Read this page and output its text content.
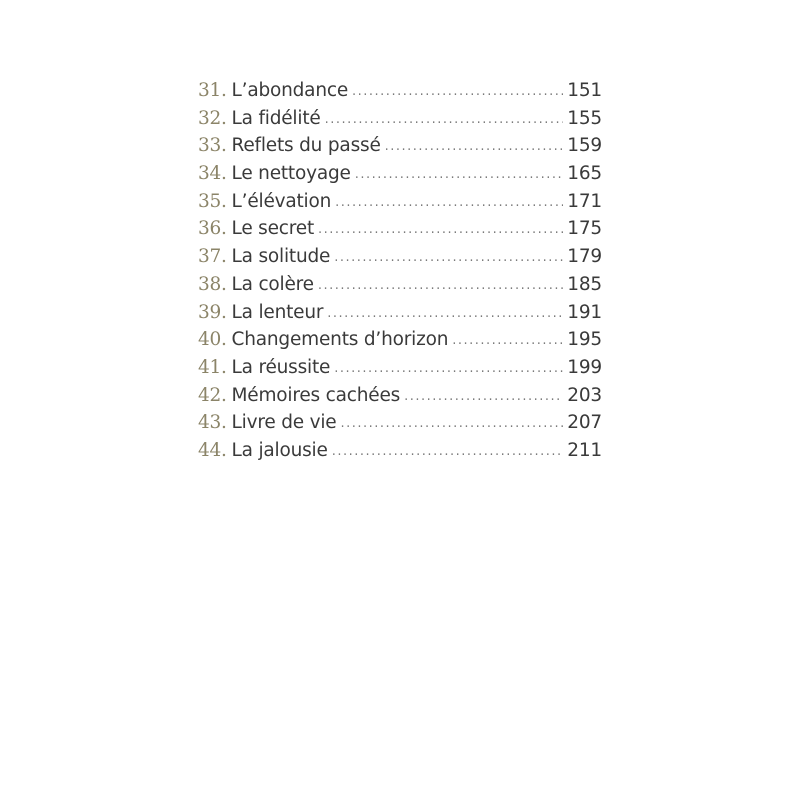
31. L’abondance .....	151
32. La fidélité .....	155
33. Reflets du passé .....	159
34. Le nettoyage .....	165
35. L’élévation .....	171
36. Le secret .....	175
37. La solitude .....	179
38. La colère .....	185
39. La lenteur .....	191
40. Changements d’horizon .....	195
41. La réussite .....	199
42. Mémoires cachées .....	203
43. Livre de vie .....	207
44. La jalousie .....	211
